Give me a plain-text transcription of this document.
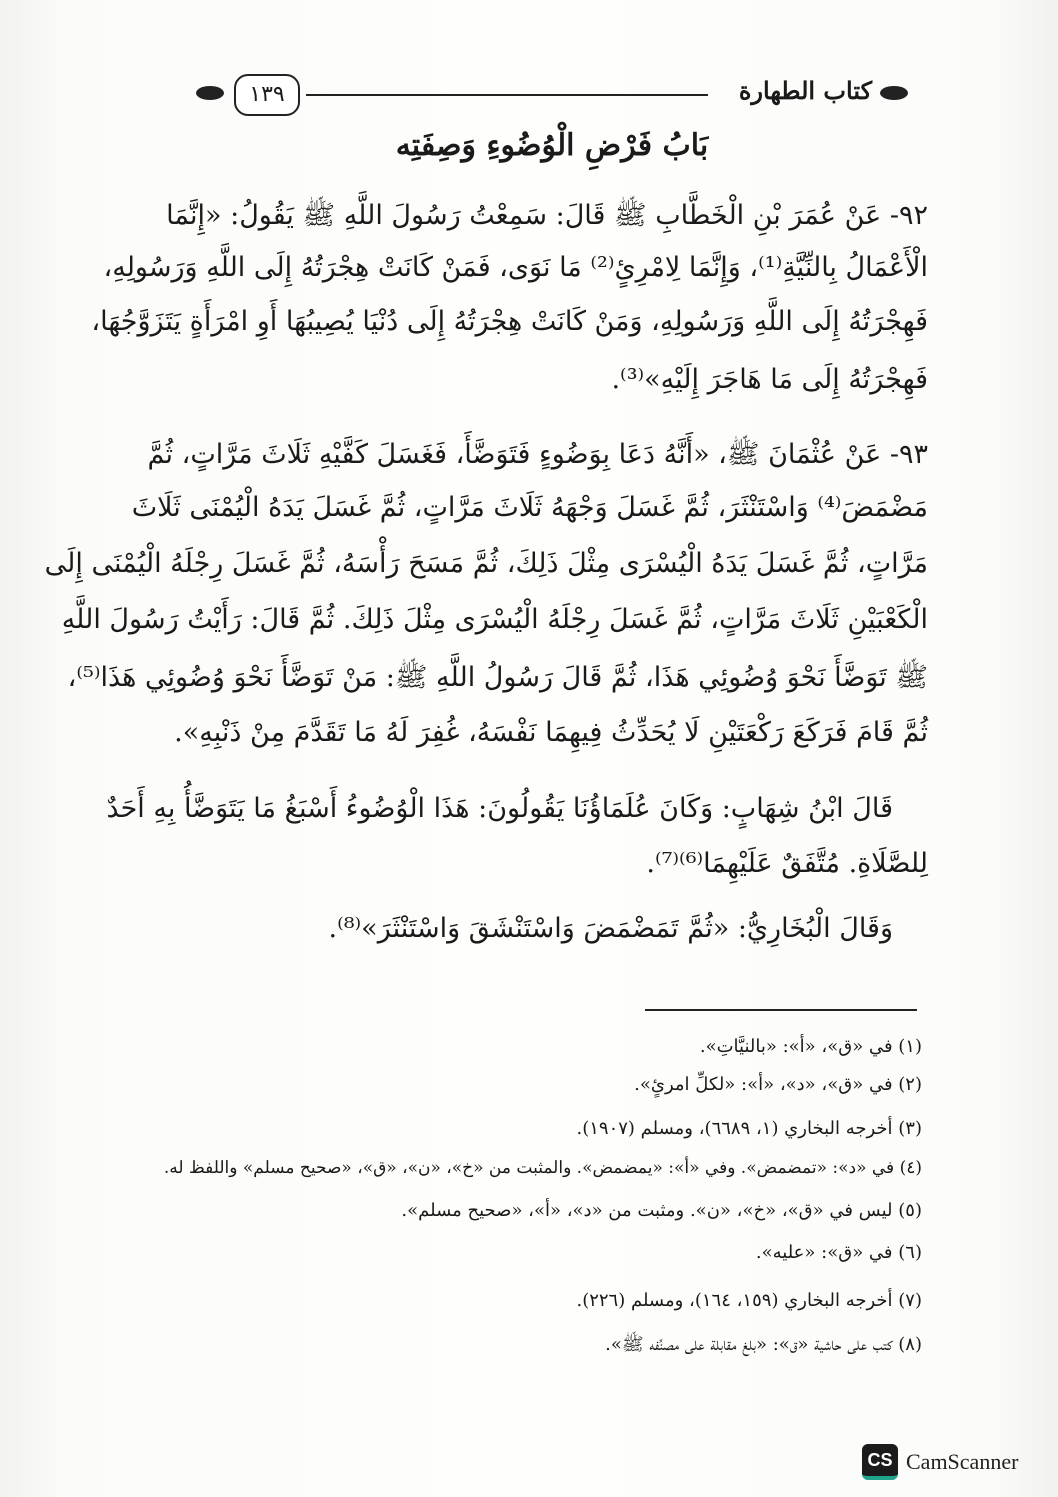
١٣٩	كتاب الطهارة
بَابُ فَرْضِ الْوُضُوءِ وَصِفَتِه
٩٢- عَنْ عُمَرَ بْنِ الْخَطَّابِ ﷺ قَالَ: سَمِعْتُ رَسُولَ اللَّهِ ﷺ يَقُولُ: «إِنَّمَا
الْأَعْمَالُ بِالنِّيَّةِ⁽¹⁾، وَإِنَّمَا لِامْرِئٍ⁽²⁾ مَا نَوَى، فَمَنْ كَانَتْ هِجْرَتُهُ إِلَى اللَّهِ وَرَسُولِهِ،
فَهِجْرَتُهُ إِلَى اللَّهِ وَرَسُولِهِ، وَمَنْ كَانَتْ هِجْرَتُهُ إِلَى دُنْيَا يُصِيبُهَا أَوِ امْرَأَةٍ يَتَزَوَّجُهَا،
فَهِجْرَتُهُ إِلَى مَا هَاجَرَ إِلَيْهِ»⁽³⁾.
٩٣- عَنْ عُثْمَانَ ﷺ، «أَنَّهُ دَعَا بِوَضُوءٍ فَتَوَضَّأَ، فَغَسَلَ كَفَّيْهِ ثَلَاثَ مَرَّاتٍ، ثُمَّ
مَضْمَضَ⁽⁴⁾ وَاسْتَنْثَرَ، ثُمَّ غَسَلَ وَجْهَهُ ثَلَاثَ مَرَّاتٍ، ثُمَّ غَسَلَ يَدَهُ الْيُمْنَى ثَلَاثَ
مَرَّاتٍ، ثُمَّ غَسَلَ يَدَهُ الْيُسْرَى مِثْلَ ذَلِكَ، ثُمَّ مَسَحَ رَأْسَهُ، ثُمَّ غَسَلَ رِجْلَهُ الْيُمْنَى إِلَى
الْكَعْبَيْنِ ثَلَاثَ مَرَّاتٍ، ثُمَّ غَسَلَ رِجْلَهُ الْيُسْرَى مِثْلَ ذَلِكَ. ثُمَّ قَالَ: رَأَيْتُ رَسُولَ اللَّهِ
ﷺ تَوَضَّأَ نَحْوَ وُضُوئِي هَذَا، ثُمَّ قَالَ رَسُولُ اللَّهِ ﷺ: مَنْ تَوَضَّأَ نَحْوَ وُضُوئِي هَذَا⁽⁵⁾،
ثُمَّ قَامَ فَرَكَعَ رَكْعَتَيْنِ لَا يُحَدِّثُ فِيهِمَا نَفْسَهُ، غُفِرَ لَهُ مَا تَقَدَّمَ مِنْ ذَنْبِهِ».
قَالَ ابْنُ شِهَابٍ: وَكَانَ عُلَمَاؤُنَا يَقُولُونَ: هَذَا الْوُضُوءُ أَسْبَغُ مَا يَتَوَضَّأُ بِهِ أَحَدٌ
لِلصَّلَاةِ. مُتَّفَقٌ عَلَيْهِمَا⁽⁶⁾⁽⁷⁾.
وَقَالَ الْبُخَارِيُّ: «ثُمَّ تَمَضْمَضَ وَاسْتَنْشَقَ وَاسْتَنْثَرَ»⁽⁸⁾.
(١) في «ق»، «أ»: «بالنيَّاتِ».
(٢) في «ق»، «د»، «أ»: «لكلِّ امرئٍ».
(٣) أخرجه البخاري (١، ٦٦٨٩)، ومسلم (١٩٠٧).
(٤) في «د»: «تمضمض». وفي «أ»: «يمضمض». والمثبت من «خ»، «ن»، «ق»، «صحيح مسلم» واللفظ له.
(٥) ليس في «ق»، «خ»، «ن». ومثبت من «د»، «أ»، «صحيح مسلم».
(٦) في «ق»: «عليه».
(٧) أخرجه البخاري (١٥٩، ١٦٤)، ومسلم (٢٢٦).
(٨) كتب على حاشية «ق»: «بلغ مقابلة على مصنِّفه ﷺ».
CS CamScanner
